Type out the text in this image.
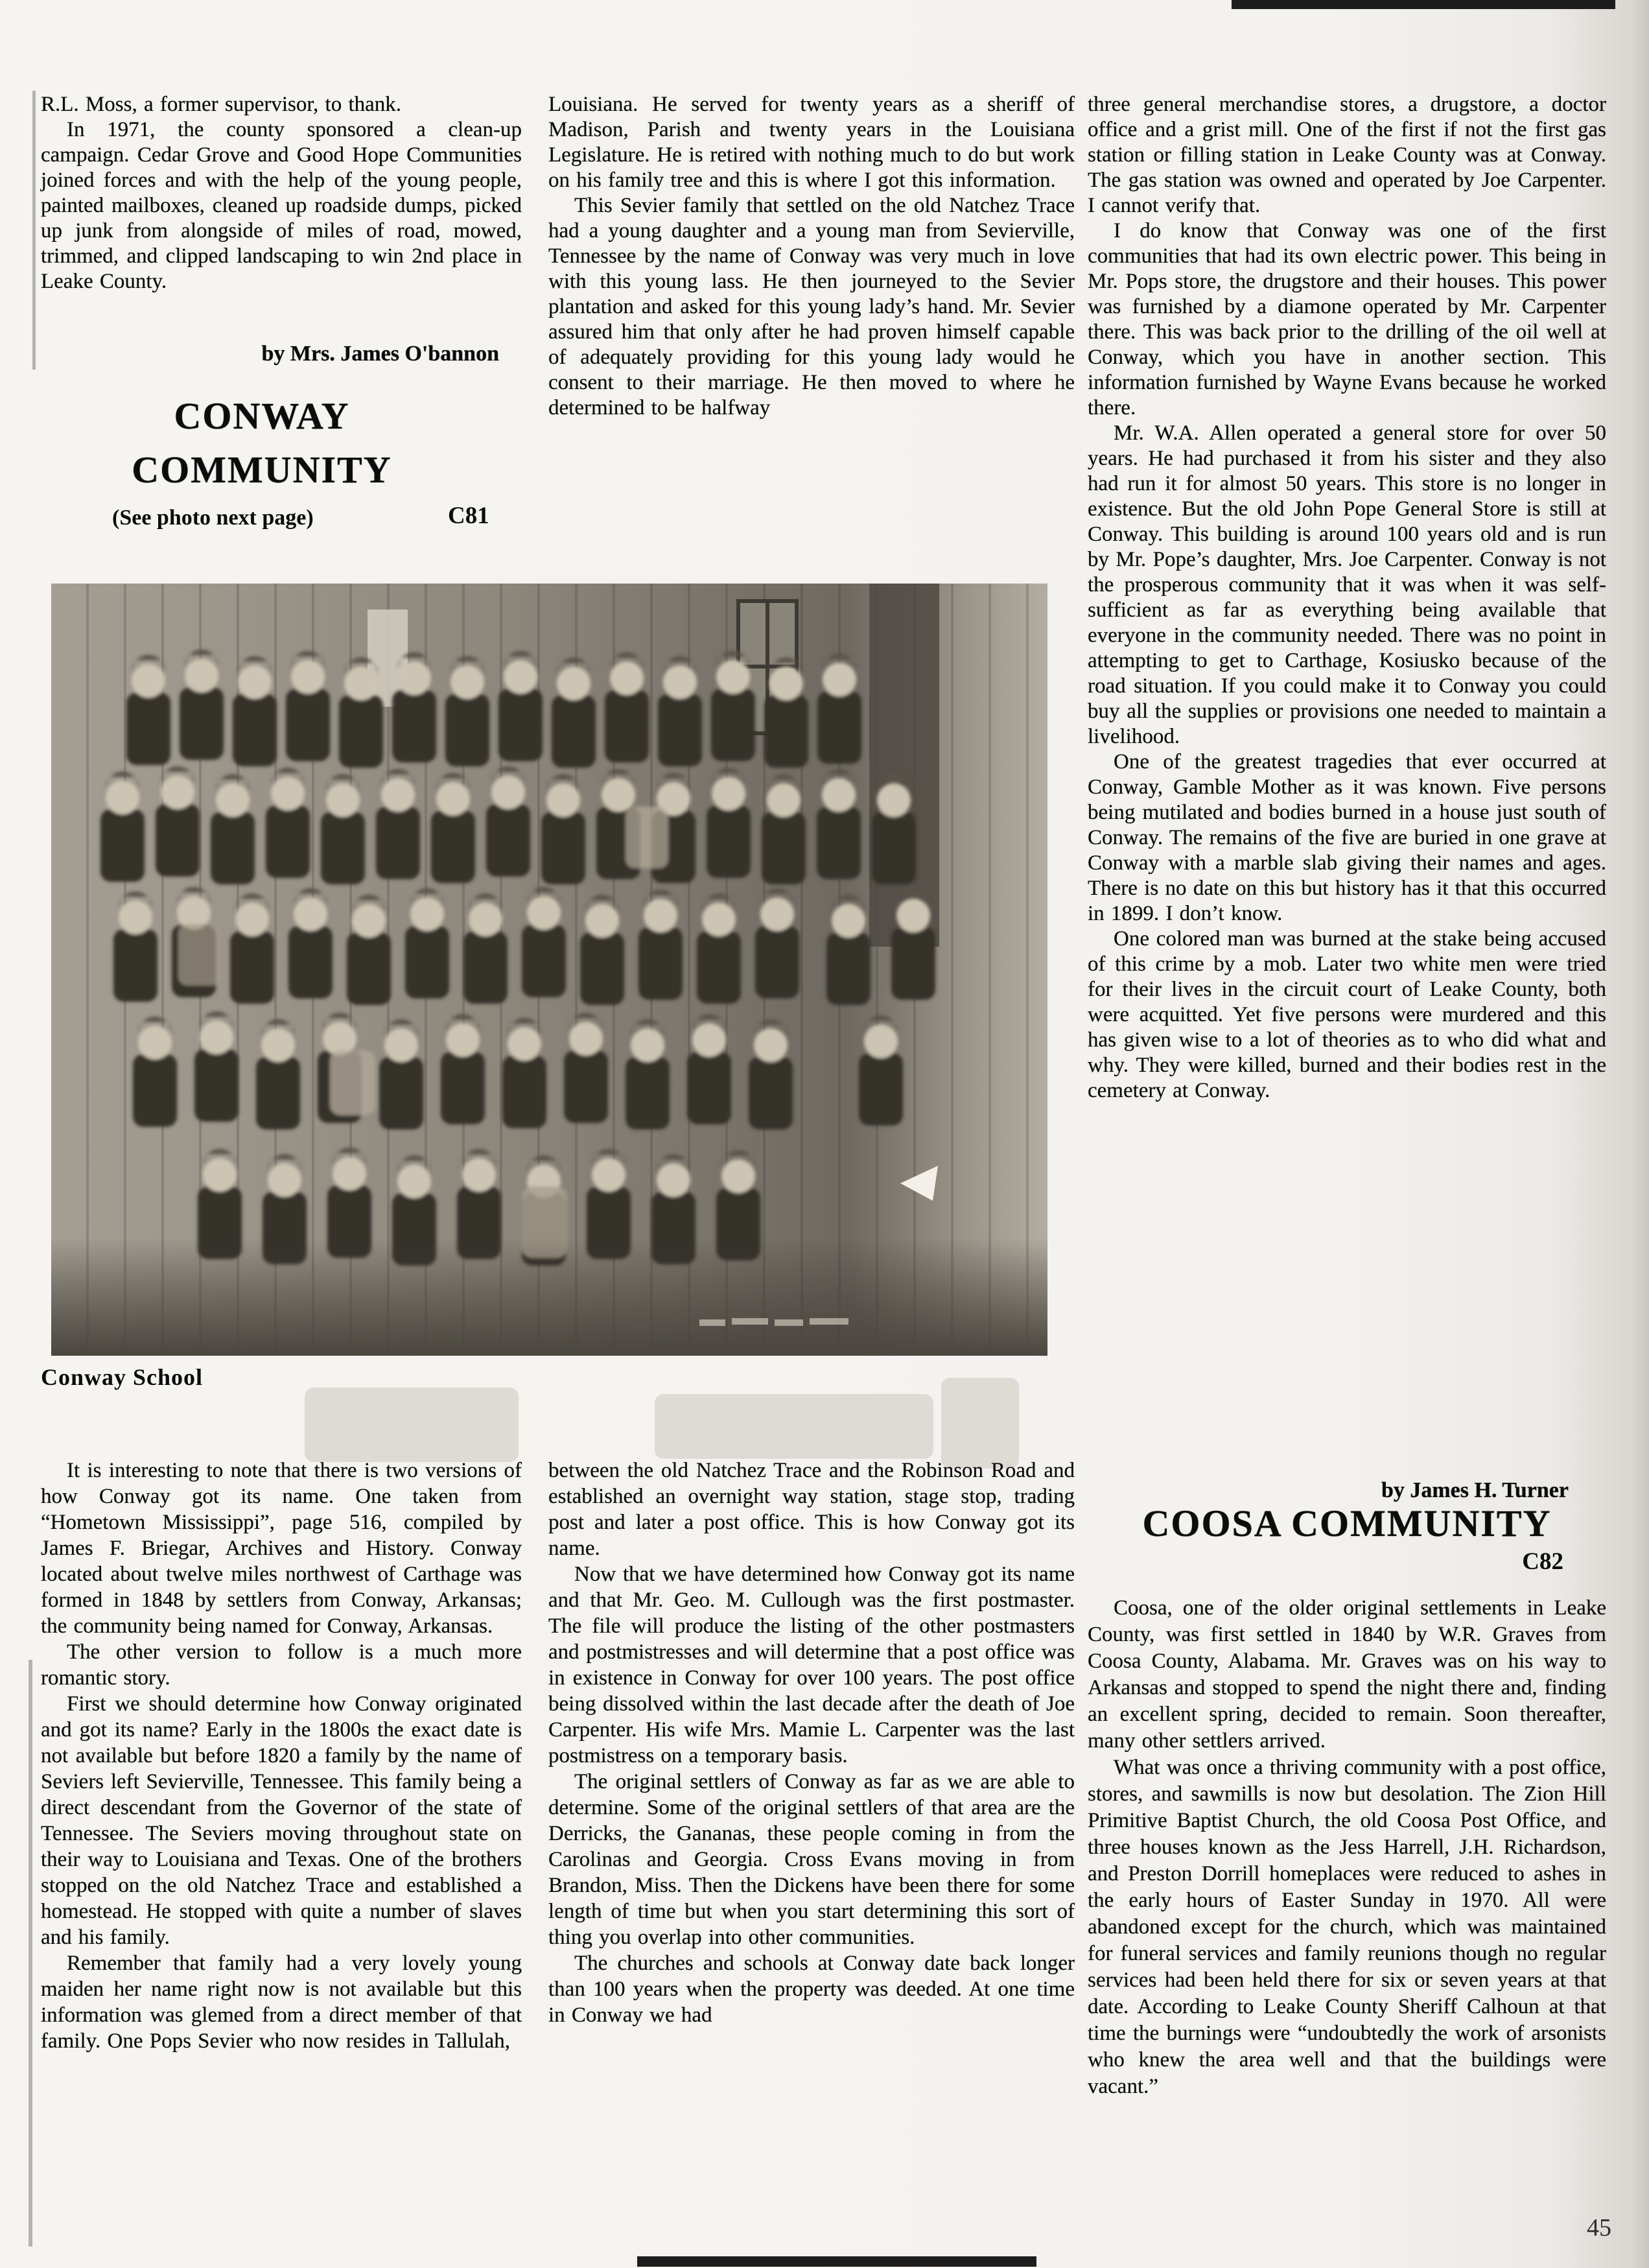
R.L. Moss, a former supervisor, to thank.

In 1971, the county sponsored a clean-up campaign. Cedar Grove and Good Hope Communities joined forces and with the help of the young people, painted mailboxes, cleaned up roadside dumps, picked up junk from alongside of miles of road, mowed, trimmed, and clipped landscaping to win 2nd place in Leake County.

by Mrs. James O'bannon
CONWAY
COMMUNITY
(See photo next page)	C81
Conway School

It is interesting to note that there is two versions of how Conway got its name. One taken from “Hometown Mississippi”, page 516, compiled by James F. Briegar, Archives and History. Conway located about twelve miles northwest of Carthage was formed in 1848 by settlers from Conway, Arkansas; the community being named for Conway, Arkansas.

The other version to follow is a much more romantic story.

First we should determine how Conway originated and got its name? Early in the 1800s the exact date is not available but before 1820 a family by the name of Seviers left Sevierville, Tennessee. This family being a direct descendant from the Governor of the state of Tennessee. The Seviers moving throughout state on their way to Louisiana and Texas. One of the brothers stopped on the old Natchez Trace and established a homestead. He stopped with quite a number of slaves and his family.

Remember that family had a very lovely young maiden her name right now is not available but this information was glemed from a direct member of that family. One Pops Sevier who now resides in Tallulah,

Louisiana. He served for twenty years as a sheriff of Madison, Parish and twenty years in the Louisiana Legislature. He is retired with nothing much to do but work on his family tree and this is where I got this information.

This Sevier family that settled on the old Natchez Trace had a young daughter and a young man from Sevierville, Tennessee by the name of Conway was very much in love with this young lass. He then journeyed to the Sevier plantation and asked for this young lady’s hand. Mr. Sevier assured him that only after he had proven himself capable of adequately providing for this young lady would he consent to their marriage. He then moved to where he determined to be halfway

between the old Natchez Trace and the Robinson Road and established an overnight way station, stage stop, trading post and later a post office. This is how Conway got its name.

Now that we have determined how Conway got its name and that Mr. Geo. M. Cullough was the first postmaster. The file will produce the listing of the other postmasters and postmistresses and will determine that a post office was in existence in Conway for over 100 years. The post office being dissolved within the last decade after the death of Joe Carpenter. His wife Mrs. Mamie L. Carpenter was the last postmistress on a temporary basis.

The original settlers of Conway as far as we are able to determine. Some of the original settlers of that area are the Derricks, the Gananas, these people coming in from the Carolinas and Georgia. Cross Evans moving in from Brandon, Miss. Then the Dickens have been there for some length of time but when you start determining this sort of thing you overlap into other communities.

The churches and schools at Conway date back longer than 100 years when the property was deeded. At one time in Conway we had

three general merchandise stores, a drugstore, a doctor office and a grist mill. One of the first if not the first gas station or filling station in Leake County was at Conway. The gas station was owned and operated by Joe Carpenter. I cannot verify that.

I do know that Conway was one of the first communities that had its own electric power. This being in Mr. Pops store, the drugstore and their houses. This power was furnished by a diamone operated by Mr. Carpenter there. This was back prior to the drilling of the oil well at Conway, which you have in another section. This information furnished by Wayne Evans because he worked there.

Mr. W.A. Allen operated a general store for over 50 years. He had purchased it from his sister and they also had run it for almost 50 years. This store is no longer in existence. But the old John Pope General Store is still at Conway. This building is around 100 years old and is run by Mr. Pope’s daughter, Mrs. Joe Carpenter. Conway is not the prosperous community that it was when it was self-sufficient as far as everything being available that everyone in the community needed. There was no point in attempting to get to Carthage, Kosiusko because of the road situation. If you could make it to Conway you could buy all the supplies or provisions one needed to maintain a livelihood.

One of the greatest tragedies that ever occurred at Conway, Gamble Mother as it was known. Five persons being mutilated and bodies burned in a house just south of Conway. The remains of the five are buried in one grave at Conway with a marble slab giving their names and ages. There is no date on this but history has it that this occurred in 1899. I don’t know.

One colored man was burned at the stake being accused of this crime by a mob. Later two white men were tried for their lives in the circuit court of Leake County, both were acquitted. Yet five persons were murdered and this has given wise to a lot of theories as to who did what and why. They were killed, burned and their bodies rest in the cemetery at Conway.

by James H. Turner
COOSA COMMUNITY
C82

Coosa, one of the older original settlements in Leake County, was first settled in 1840 by W.R. Graves from Coosa County, Alabama. Mr. Graves was on his way to Arkansas and stopped to spend the night there and, finding an excellent spring, decided to remain. Soon thereafter, many other settlers arrived.

What was once a thriving community with a post office, stores, and sawmills is now but desolation. The Zion Hill Primitive Baptist Church, the old Coosa Post Office, and three houses known as the Jess Harrell, J.H. Richardson, and Preston Dorrill homeplaces were reduced to ashes in the early hours of Easter Sunday in 1970. All were abandoned except for the church, which was maintained for funeral services and family reunions though no regular services had been held there for six or seven years at that date. According to Leake County Sheriff Calhoun at that time the burnings were “undoubtedly the work of arsonists who knew the area well and that the buildings were vacant.”

45
